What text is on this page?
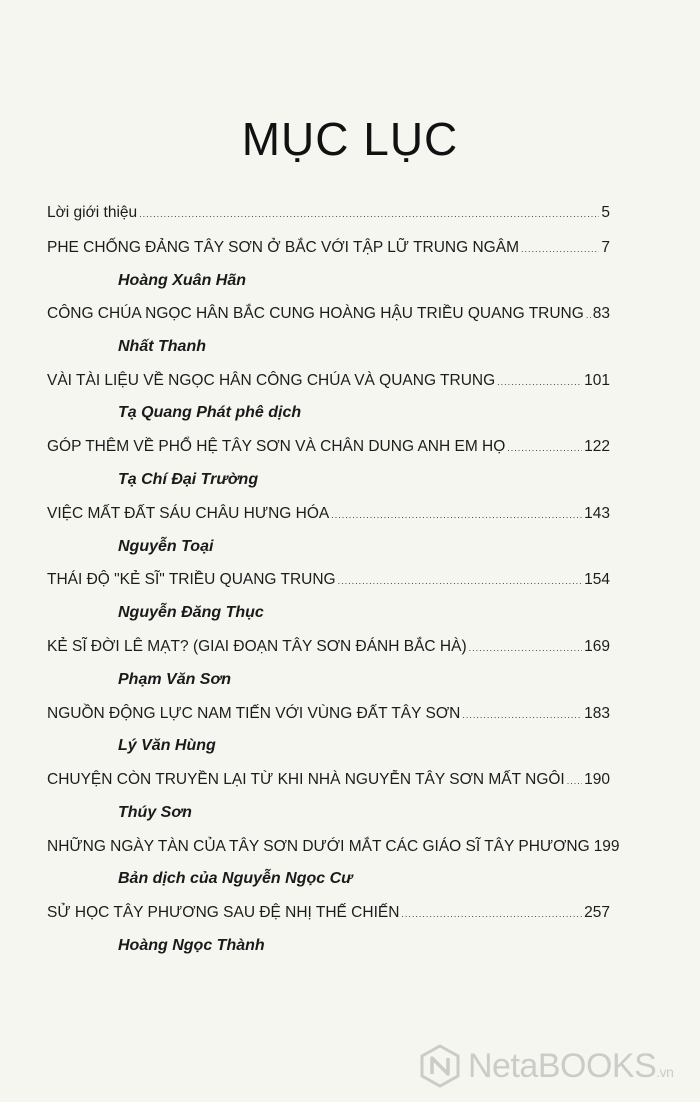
MỤC LỤC
Lời giới thiệu .....	5
PHE CHỐNG ĐẢNG TÂY SƠN Ở BẮC VỚI TẬP LỮ TRUNG NGÂM .....	7
Hoàng Xuân Hãn
CÔNG CHÚA NGỌC HÂN BẮC CUNG HOÀNG HẬU TRIỀU QUANG TRUNG ..... 83
Nhất Thanh
VÀI TÀI LIỆU VỀ NGỌC HÂN CÔNG CHÚA VÀ QUANG TRUNG .....	101
Tạ Quang Phát phê dịch
GÓP THÊM VỀ PHỔ HỆ TÂY SƠN VÀ CHÂN DUNG ANH EM HỌ .....	122
Tạ Chí Đại Trường
VIỆC MẤT ĐẤT SÁU CHÂU HƯNG HÓA .....	143
Nguyễn Toại
THÁI ĐỘ "KẺ SĨ" TRIỀU QUANG TRUNG .....	154
Nguyễn Đăng Thục
KẺ SĨ ĐỜI LÊ MẠT? (GIAI ĐOẠN TÂY SƠN ĐÁNH BẮC HÀ) .....	169
Phạm Văn Sơn
NGUỒN ĐỘNG LỰC NAM TIẾN VỚI VÙNG ĐẤT TÂY SƠN .....	183
Lý Văn Hùng
CHUYỆN CÒN TRUYỀN LẠI TỪ KHI NHÀ NGUYỄN TÂY SƠN MẤT NGÔI ..... 190
Thúy Sơn
NHỮNG NGÀY TÀN CỦA TÂY SƠN DƯỚI MẮT CÁC GIÁO SĨ TÂY PHƯƠNG 199
Bản dịch của Nguyễn Ngọc Cư
SỬ HỌC TÂY PHƯƠNG SAU ĐỆ NHỊ THẾ CHIẾN .....	257
Hoàng Ngọc Thành
NetaBOOKS.vn
